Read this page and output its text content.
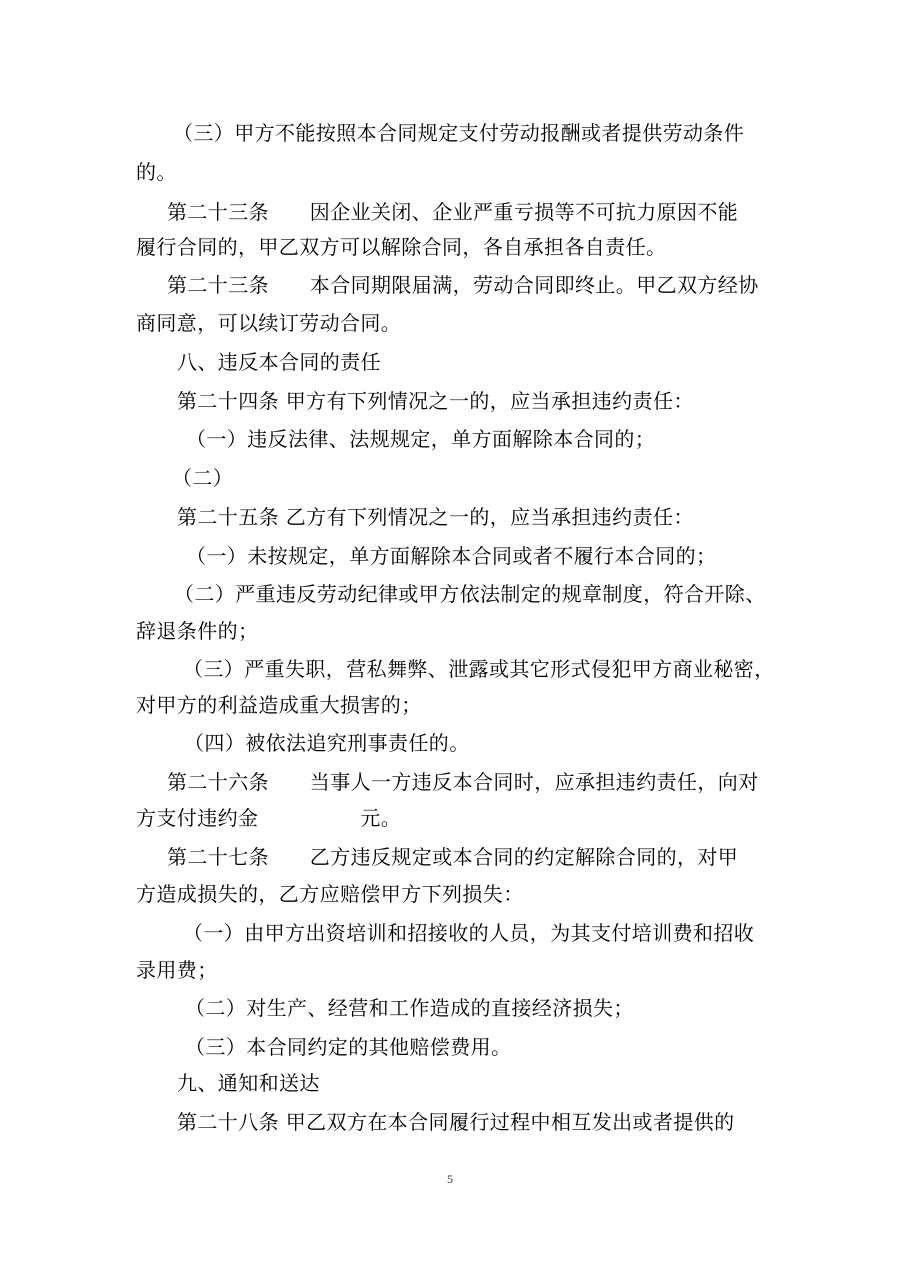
（三）甲方不能按照本合同规定支付劳动报酬或者提供劳动条件
的。
第二十三条　　因企业关闭、企业严重亏损等不可抗力原因不能
履行合同的，甲乙双方可以解除合同，各自承担各自责任。
第二十三条　　本合同期限届满，劳动合同即终止。甲乙双方经协
商同意，可以续订劳动合同。
八、违反本合同的责任
第二十四条 甲方有下列情况之一的，应当承担违约责任：
（一）违反法律、法规规定，单方面解除本合同的；
（二）
第二十五条 乙方有下列情况之一的，应当承担违约责任：
（一）未按规定，单方面解除本合同或者不履行本合同的；
（二）严重违反劳动纪律或甲方依法制定的规章制度，符合开除、
辞退条件的；
（三）严重失职，营私舞弊、泄露或其它形式侵犯甲方商业秘密，
对甲方的利益造成重大损害的；
（四）被依法追究刑事责任的。
第二十六条　　当事人一方违反本合同时，应承担违约责任，向对
方支付违约金　　　　　元。
第二十七条　　乙方违反规定或本合同的约定解除合同的，对甲
方造成损失的，乙方应赔偿甲方下列损失：
（一）由甲方出资培训和招接收的人员，为其支付培训费和招收
录用费；
（二）对生产、经营和工作造成的直接经济损失；
（三）本合同约定的其他赔偿费用。
九、通知和送达
第二十八条 甲乙双方在本合同履行过程中相互发出或者提供的
5
